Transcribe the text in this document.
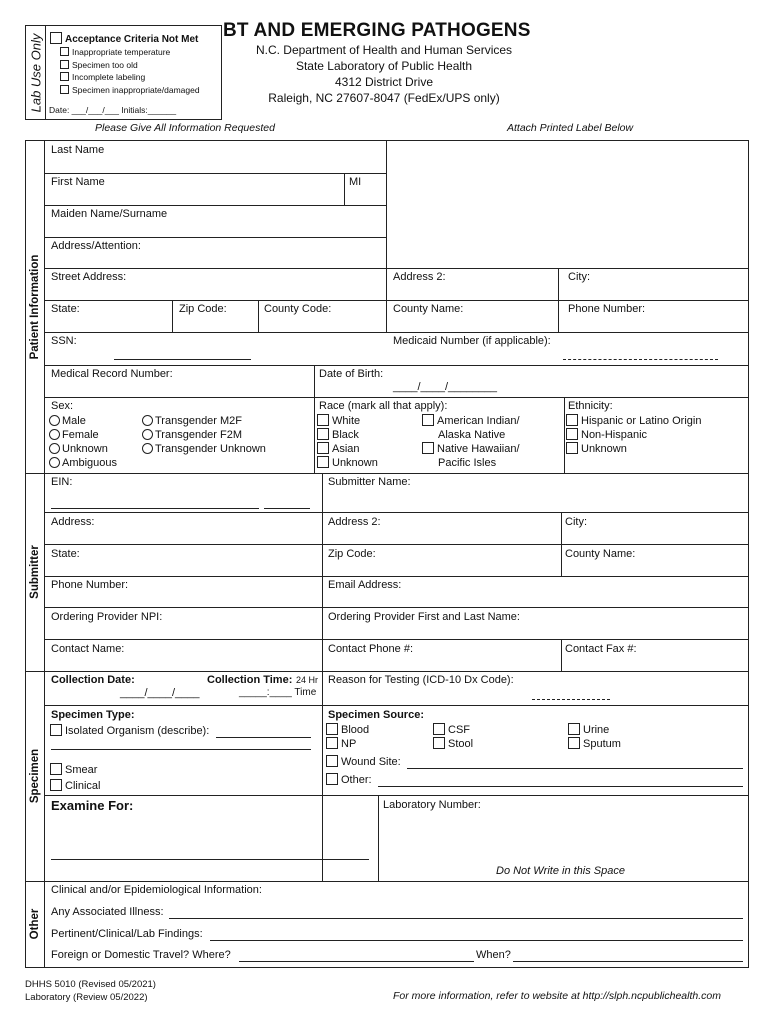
Lab Use Only	Acceptance Criteria Not Met
Inappropriate temperature
Specimen too old
Incomplete labeling
Specimen inappropriate/damaged
Date: ___/___/___ Initials:______
BT AND EMERGING PATHOGENS
N.C. Department of Health and Human Services
State Laboratory of Public Health
4312 District Drive
Raleigh, NC 27607-8047 (FedEx/UPS only)
Please Give All Information Requested	Attach Printed Label Below
Patient Information
Submitter
Specimen
Other
Last Name
First Name	MI
Maiden Name/Surname
Address/Attention:
Street Address:	Address 2:	City:
State:	Zip Code:	County Code:	County Name:	Phone Number:
SSN:	Medicaid Number (if applicable):
Medical Record Number:	Date of Birth:
____/____/________
Sex:
Male
Female
Unknown
Ambiguous
Transgender M2F
Transgender F2M
Transgender Unknown
Race (mark all that apply):
White
Black
Asian
Unknown
American Indian/
Alaska Native
Native Hawaiian/
Pacific Isles
Ethnicity:
Hispanic or Latino Origin
Non-Hispanic
Unknown
EIN:	Submitter Name:
Address:	Address 2:	City:
State:	Zip Code:	County Name:
Phone Number:	Email Address:
Ordering Provider NPI:	Ordering Provider First and Last Name:
Contact Name:	Contact Phone #:	Contact Fax #:
Collection Date:
____/____/____
Collection Time: 24 Hr
_____:____ Time
Reason for Testing (ICD-10 Dx Code):
Specimen Type:
Isolated Organism (describe):
Smear
Clinical
Specimen Source:
Blood
NP
CSF
Stool
Urine
Sputum
Wound Site:
Other:
Examine For:	Laboratory Number:
Do Not Write in this Space
Clinical and/or Epidemiological Information:
Any Associated Illness:
Pertinent/Clinical/Lab Findings:
Foreign or Domestic Travel? Where?	When?
DHHS 5010 (Revised 05/2021)
Laboratory (Review 05/2022)	For more information, refer to website at http://slph.ncpublichealth.com
